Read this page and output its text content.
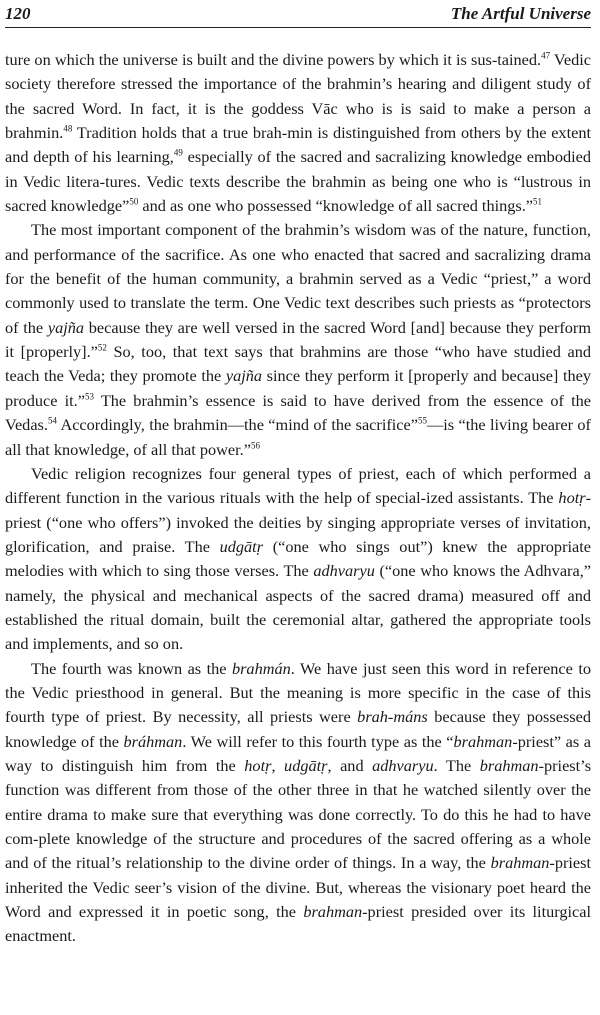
120	The Artful Universe

ture on which the universe is built and the divine powers by which it is sus-tained.$^{47}$ Vedic society therefore stressed the importance of the brahmin’s hearing and diligent study of the sacred Word. In fact, it is the goddess Vāc who is is said to make a person a brahmin.$^{48}$ Tradition holds that a true brah-min is distinguished from others by the extent and depth of his learning,$^{49}$ especially of the sacred and sacralizing knowledge embodied in Vedic litera-tures. Vedic texts describe the brahmin as being one who is “lustrous in sacred knowledge”$^{50}$ and as one who possessed “knowledge of all sacred things.”$^{51}$

The most important component of the brahmin’s wisdom was of the nature, function, and performance of the sacrifice. As one who enacted that sacred and sacralizing drama for the benefit of the human community, a brahmin served as a Vedic “priest,” a word commonly used to translate the term. One Vedic text describes such priests as “protectors of the yajña because they are well versed in the sacred Word [and] because they perform it [properly].”$^{52}$ So, too, that text says that brahmins are those “who have studied and teach the Veda; they promote the yajña since they perform it [properly and because] they produce it.”$^{53}$ The brahmin’s essence is said to have derived from the essence of the Vedas.$^{54}$ Accordingly, the brahmin—the “mind of the sacrifice”$^{55}$—is “the living bearer of all that knowledge, of all that power.”$^{56}$

Vedic religion recognizes four general types of priest, each of which performed a different function in the various rituals with the help of special-ized assistants. The hotṛ-priest (“one who offers”) invoked the deities by singing appropriate verses of invitation, glorification, and praise. The udgātṛ (“one who sings out”) knew the appropriate melodies with which to sing those verses. The adhvaryu (“one who knows the Adhvara,” namely, the physical and mechanical aspects of the sacred drama) measured off and established the ritual domain, built the ceremonial altar, gathered the appropriate tools and implements, and so on.

The fourth was known as the brahmán. We have just seen this word in reference to the Vedic priesthood in general. But the meaning is more specific in the case of this fourth type of priest. By necessity, all priests were brah-máns because they possessed knowledge of the bráhman. We will refer to this fourth type as the “brahman-priest” as a way to distinguish him from the hotṛ, udgātṛ, and adhvaryu. The brahman-priest’s function was different from those of the other three in that he watched silently over the entire drama to make sure that everything was done correctly. To do this he had to have com-plete knowledge of the structure and procedures of the sacred offering as a whole and of the ritual’s relationship to the divine order of things. In a way, the brahman-priest inherited the Vedic seer’s vision of the divine. But, whereas the visionary poet heard the Word and expressed it in poetic song, the brahman-priest presided over its liturgical enactment.
